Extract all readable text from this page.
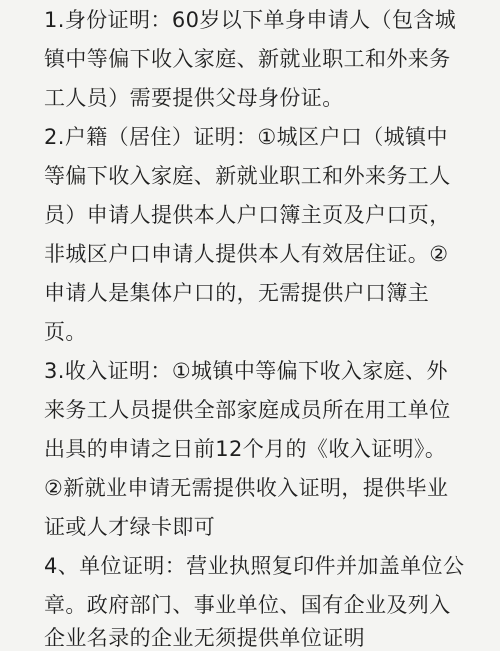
1.身份证明：60岁以下单身申请人（包含城
镇中等偏下收入家庭、新就业职工和外来务
工人员）需要提供父母身份证。
2.户籍（居住）证明：①城区户口（城镇中
等偏下收入家庭、新就业职工和外来务工人
员）申请人提供本人户口簿主页及户口页，
非城区户口申请人提供本人有效居住证。②
申请人是集体户口的，无需提供户口簿主
页。
3.收入证明：①城镇中等偏下收入家庭、外
来务工人员提供全部家庭成员所在用工单位
出具的申请之日前12个月的《收入证明》。
②新就业申请无需提供收入证明，提供毕业
证或人才绿卡即可
4、单位证明：营业执照复印件并加盖单位公
章。政府部门、事业单位、国有企业及列入
企业名录的企业无须提供单位证明
